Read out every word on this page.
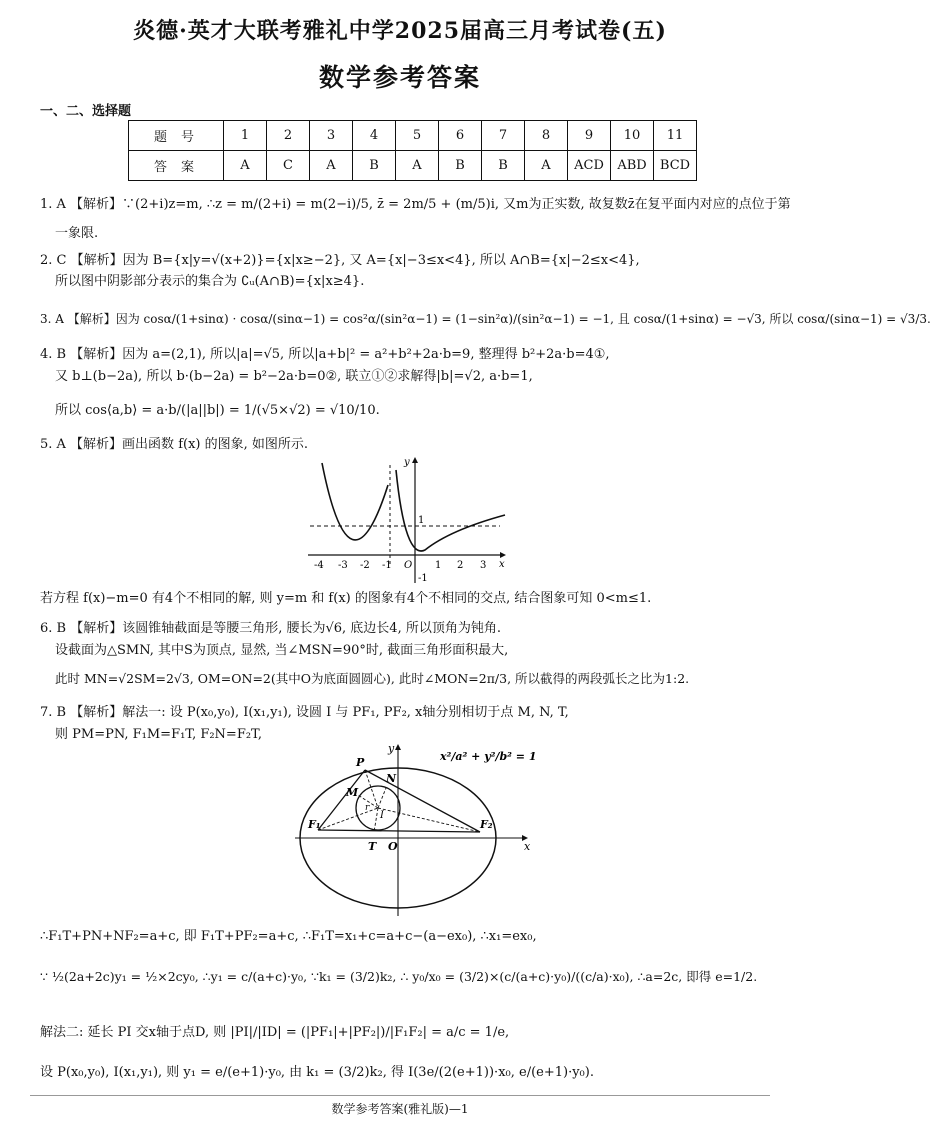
炎德·英才大联考雅礼中学2025届高三月考试卷(五)
数学参考答案
一、二、选择题
题号	1	2	3	4	5	6	7	8	9	10	11
答案	A	C	A	B	A	B	B	A	ACD	ABD	BCD
1. A 【解析】∵(2+i)z=m, ∴z = m/(2+i) = m(2−i)/5, z̄ = 2m/5 + (m/5)i, 又m为正实数, 故复数z̄在复平面内对应的点位于第
一象限.
2. C 【解析】因为 B={x|y=√(x+2)}={x|x≥−2}, 又 A={x|−3≤x<4}, 所以 A∩B={x|−2≤x<4},
所以图中阴影部分表示的集合为 ∁ᵤ(A∩B)={x|x≥4}.
3. A 【解析】因为 cosα/(1+sinα) · cosα/(sinα−1) = cos²α/(sin²α−1) = (1−sin²α)/(sin²α−1) = −1, 且 cosα/(1+sinα) = −√3, 所以 cosα/(sinα−1) = √3/3.
4. B 【解析】因为 a=(2,1), 所以|a|=√5, 所以|a+b|² = a²+b²+2a·b=9, 整理得 b²+2a·b=4①,
又 b⊥(b−2a), 所以 b·(b−2a) = b²−2a·b=0②, 联立①②求解得|b|=√2, a·b=1,
所以 cos⟨a,b⟩ = a·b/(|a||b|) = 1/(√5×√2) = √10/10.
5. A 【解析】画出函数 f(x) 的图象, 如图所示.
-4 -3 -2 -1 O 1 2 3
1
-1
x
y
若方程 f(x)−m=0 有4个不相同的解, 则 y=m 和 f(x) 的图象有4个不相同的交点, 结合图象可知 0<m≤1.
6. B 【解析】该圆锥轴截面是等腰三角形, 腰长为√6, 底边长4, 所以顶角为钝角.
设截面为△SMN, 其中S为顶点, 显然, 当∠MSN=90°时, 截面三角形面积最大,
此时 MN=√2SM=2√3, OM=ON=2(其中O为底面圆圆心), 此时∠MON=2π/3, 所以截得的两段弧长之比为1:2.
7. B 【解析】解法一: 设 P(x₀,y₀), I(x₁,y₁), 设圆 I 与 PF₁, PF₂, x轴分别相切于点 M, N, T,
则 PM=PN, F₁M=F₁T, F₂N=F₂T,
P
N
M
F₁	F₂
T O
I
r
x
y
x²/a² + y²/b² = 1
∴F₁T+PN+NF₂=a+c, 即 F₁T+PF₂=a+c, ∴F₁T=x₁+c=a+c−(a−ex₀), ∴x₁=ex₀,
∵ ½(2a+2c)y₁ = ½×2cy₀, ∴y₁ = c/(a+c)·y₀, ∵k₁ = (3/2)k₂, ∴ y₀/x₀ = (3/2)×(c/(a+c)·y₀)/((c/a)·x₀), ∴a=2c, 即得 e=1/2.
解法二: 延长 PI 交x轴于点D, 则 |PI|/|ID| = (|PF₁|+|PF₂|)/|F₁F₂| = a/c = 1/e,
设 P(x₀,y₀), I(x₁,y₁), 则 y₁ = e/(e+1)·y₀, 由 k₁ = (3/2)k₂, 得 I(3e/(2(e+1))·x₀, e/(e+1)·y₀).
数学参考答案(雅礼版)—1
